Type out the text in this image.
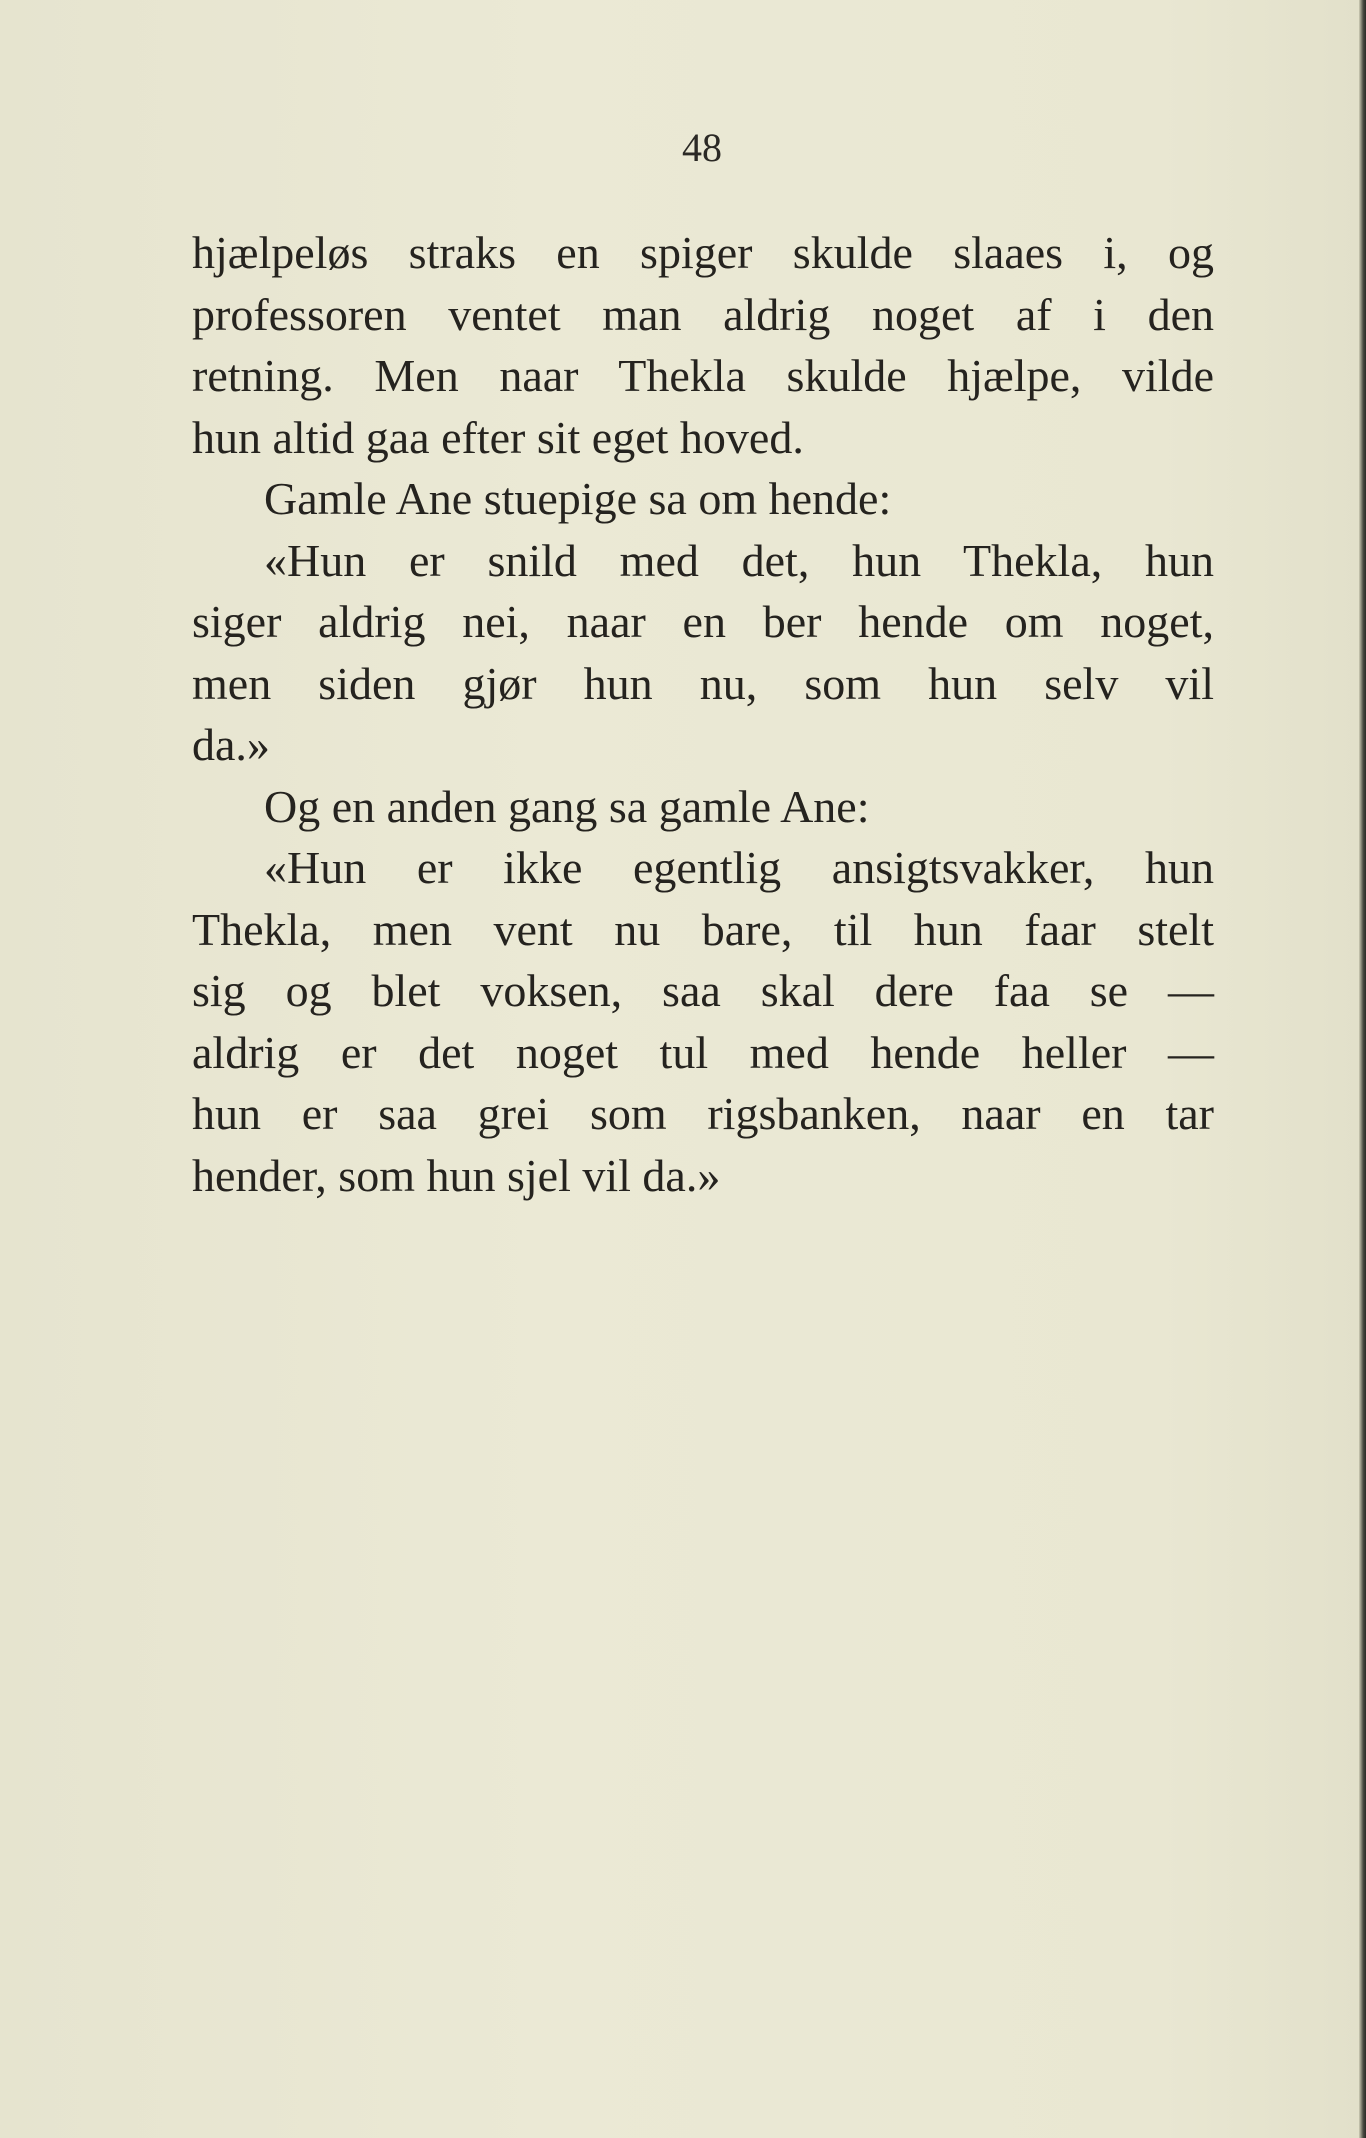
48
hjælpeløs straks en spiger skulde slaaes i, og
professoren ventet man aldrig noget af i den
retning. Men naar Thekla skulde hjælpe, vilde
hun altid gaa efter sit eget hoved.
Gamle Ane stuepige sa om hende:
«Hun er snild med det, hun Thekla, hun
siger aldrig nei, naar en ber hende om noget,
men siden gjør hun nu, som hun selv vil
da.»
Og en anden gang sa gamle Ane:
«Hun er ikke egentlig ansigtsvakker, hun
Thekla, men vent nu bare, til hun faar stelt
sig og blet voksen, saa skal dere faa se —
aldrig er det noget tul med hende heller —
hun er saa grei som rigsbanken, naar en tar
hender, som hun sjel vil da.»
